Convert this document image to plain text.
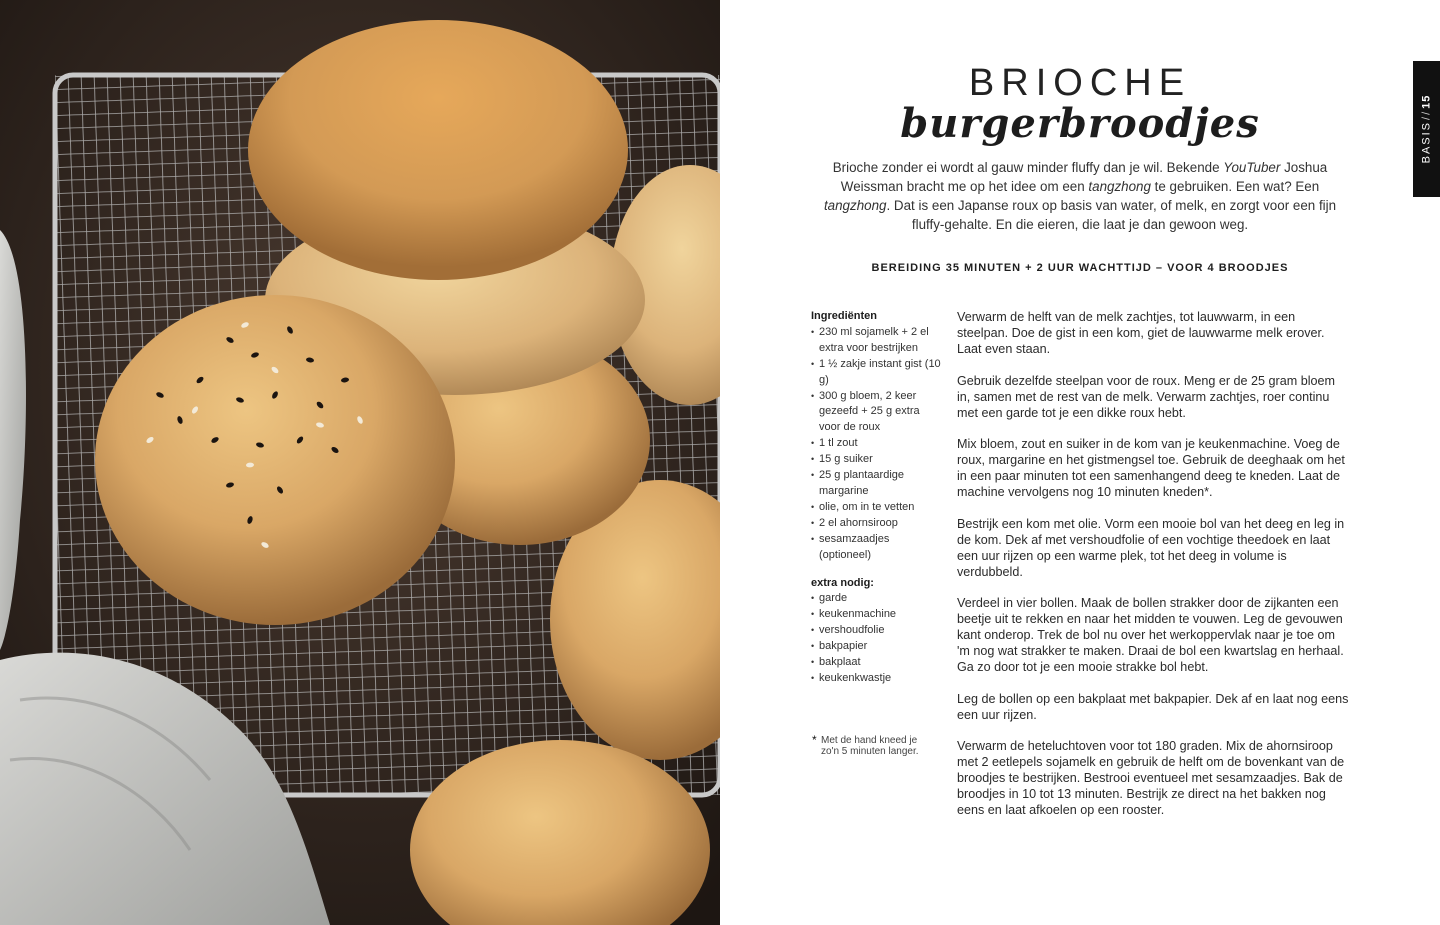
BASIS//15
BRIOCHE
burgerbroodjes

Brioche zonder ei wordt al gauw minder fluffy dan je wil. Bekende YouTuber Joshua Weissman bracht me op het idee om een tangzhong te gebruiken. Een wat? Een tangzhong. Dat is een Japanse roux op basis van water, of melk, en zorgt voor een fijn fluffy-gehalte. En die eieren, die laat je dan gewoon weg.

BEREIDING 35 MINUTEN + 2 UUR WACHTTIJD – VOOR 4 BROODJES

Ingrediënten
• 230 ml sojamelk + 2 el extra voor bestrijken
• 1 ½ zakje instant gist (10 g)
• 300 g bloem, 2 keer gezeefd + 25 g extra voor de roux
• 1 tl zout
• 15 g suiker
• 25 g plantaardige margarine
• olie, om in te vetten
• 2 el ahornsiroop
• sesamzaadjes (optioneel)
extra nodig:
• garde
• keukenmachine
• vershoudfolie
• bakpapier
• bakplaat
• keukenkwastje
* Met de hand kneed je zo'n 5 minuten langer.

Verwarm de helft van de melk zachtjes, tot lauwwarm, in een steelpan. Doe de gist in een kom, giet de lauwwarme melk erover. Laat even staan.

Gebruik dezelfde steelpan voor de roux. Meng er de 25 gram bloem in, samen met de rest van de melk. Verwarm zachtjes, roer continu met een garde tot je een dikke roux hebt.

Mix bloem, zout en suiker in de kom van je keukenmachine. Voeg de roux, margarine en het gistmengsel toe. Gebruik de deeghaak om het in een paar minuten tot een samenhangend deeg te kneden. Laat de machine vervolgens nog 10 minuten kneden*.

Bestrijk een kom met olie. Vorm een mooie bol van het deeg en leg in de kom. Dek af met vershoudfolie of een vochtige theedoek en laat een uur rijzen op een warme plek, tot het deeg in volume is verdubbeld.

Verdeel in vier bollen. Maak de bollen strakker door de zijkanten een beetje uit te rekken en naar het midden te vouwen. Leg de gevouwen kant onderop. Trek de bol nu over het werkoppervlak naar je toe om 'm nog wat strakker te maken. Draai de bol een kwartslag en herhaal. Ga zo door tot je een mooie strakke bol hebt.

Leg de bollen op een bakplaat met bakpapier. Dek af en laat nog eens een uur rijzen.

Verwarm de heteluchtoven voor tot 180 graden. Mix de ahornsiroop met 2 eetlepels sojamelk en gebruik de helft om de bovenkant van de broodjes te bestrijken. Bestrooi eventueel met sesamzaadjes. Bak de broodjes in 10 tot 13 minuten. Bestrijk ze direct na het bakken nog eens en laat afkoelen op een rooster.
